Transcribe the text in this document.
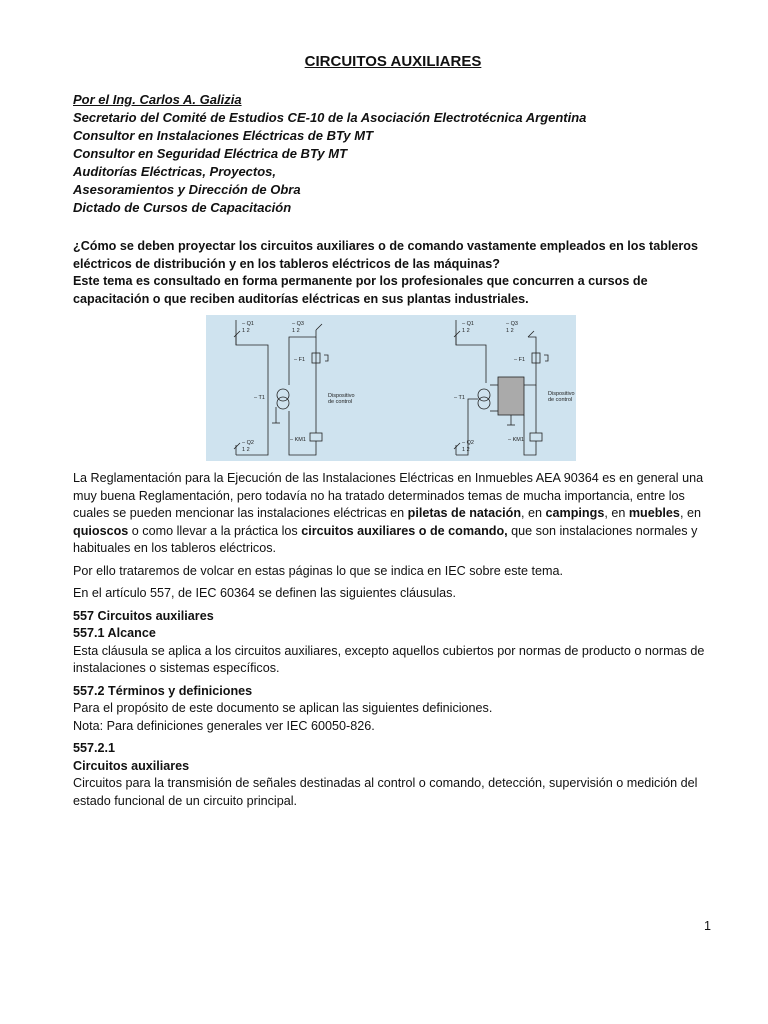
CIRCUITOS AUXILIARES
Por el Ing. Carlos A. Galizia
Secretario del Comité de Estudios CE-10 de la Asociación Electrotécnica Argentina
Consultor en Instalaciones Eléctricas de BTy MT
Consultor en Seguridad Eléctrica de BTy MT
Auditorías Eléctricas, Proyectos,
Asesoramientos y Dirección de Obra
Dictado de Cursos de Capacitación

¿Cómo se deben proyectar los circuitos auxiliares o de comando vastamente empleados en los tableros eléctricos de distribución y en los tableros eléctricos de las máquinas?

Este tema es consultado en forma permanente por los profesionales que concurren a cursos de capacitación o que reciben auditorías eléctricas en sus plantas industriales.

– Q1
1 2
– Q3
1 2
– F1
– T1	Dispositivo
de control
– KM1
– Q2
1 2
– Q1
1 2
– Q3
1 2
– F1
– T1
Dispositivo
de control
– KM1
– Q2
1 2

La Reglamentación para la Ejecución de las Instalaciones Eléctricas en Inmuebles AEA 90364 es en general una muy buena Reglamentación, pero todavía no ha tratado determinados temas de mucha importancia, entre los cuales se pueden mencionar las instalaciones eléctricas en piletas de natación, en campings, en muebles, en quioscos o como llevar a la práctica los circuitos auxiliares o de comando, que son instalaciones normales y habituales en los tableros eléctricos.

Por ello trataremos de volcar en estas páginas lo que se indica en IEC sobre este tema.

En el artículo 557, de IEC 60364 se definen las siguientes cláusulas.

557 Circuitos auxiliares

557.1 Alcance

Esta cláusula se aplica a los circuitos auxiliares, excepto aquellos cubiertos por normas de producto o normas de instalaciones o sistemas específicos.

557.2 Términos y definiciones

Para el propósito de este documento se aplican las siguientes definiciones.

Nota: Para definiciones generales ver IEC 60050-826.

557.2.1

Circuitos auxiliares

Circuitos para la transmisión de señales destinadas al control o comando, detección, supervisión o medición del estado funcional de un circuito principal.

1
